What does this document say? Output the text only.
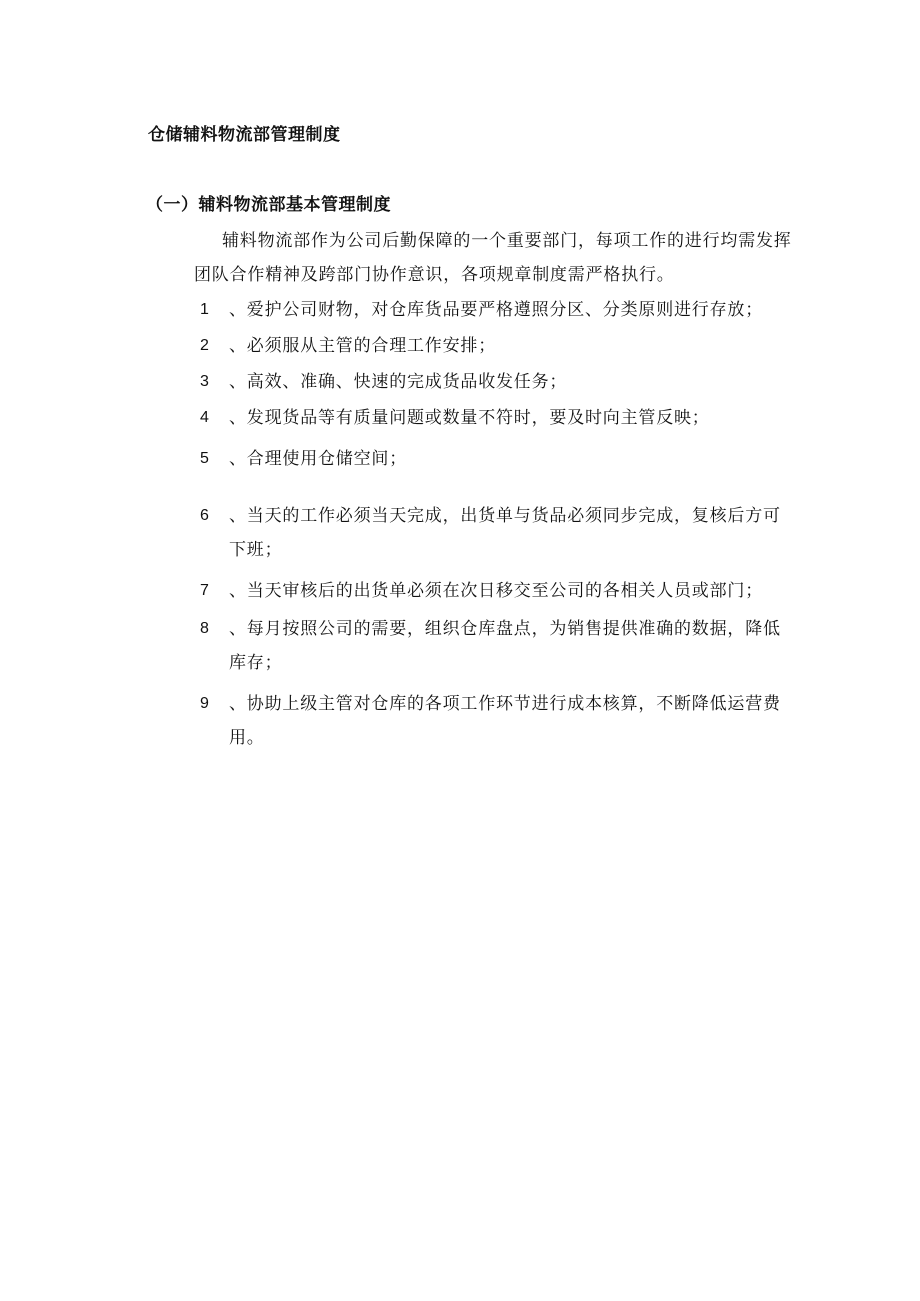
仓储辅料物流部管理制度
（一）辅料物流部基本管理制度
辅料物流部作为公司后勤保障的一个重要部门，每项工作的进行均需发挥团队合作精神及跨部门协作意识，各项规章制度需严格执行。
1	、爱护公司财物，对仓库货品要严格遵照分区、分类原则进行存放；
2	、必须服从主管的合理工作安排；
3	、高效、准确、快速的完成货品收发任务；
4	、发现货品等有质量问题或数量不符时，要及时向主管反映；
5	、合理使用仓储空间；
6	、当天的工作必须当天完成，出货单与货品必须同步完成，复核后方可下班；
7	、当天审核后的出货单必须在次日移交至公司的各相关人员或部门；
8	、每月按照公司的需要，组织仓库盘点，为销售提供准确的数据，降低库存；
9	、协助上级主管对仓库的各项工作环节进行成本核算，不断降低运营费用。
